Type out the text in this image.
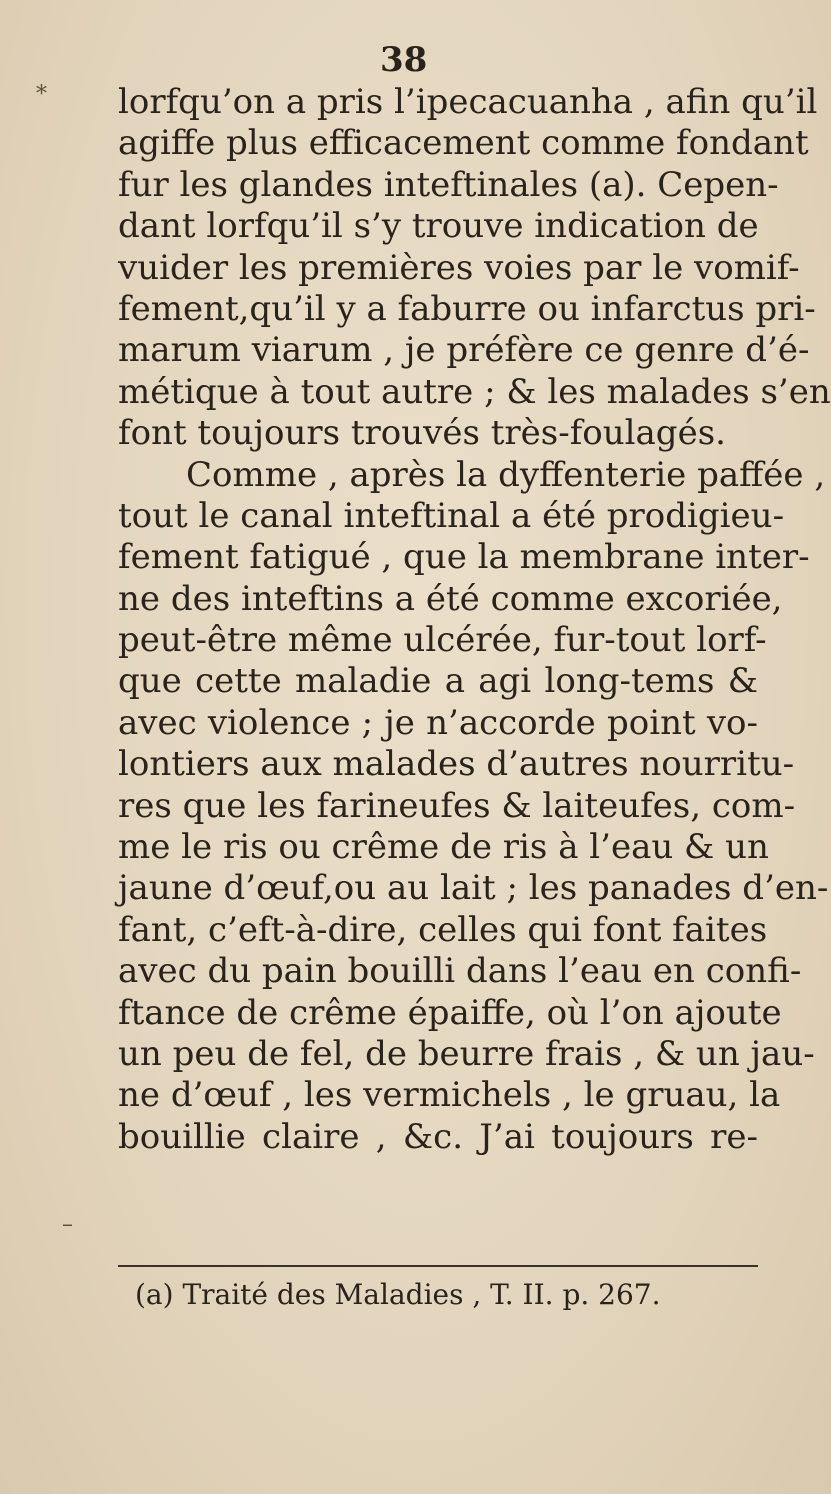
38
lorfqu’on a pris l’ipecacuanha , afin qu’il
agiffe plus efficacement comme fondant
fur les glandes inteftinales (a). Cepen-
dant lorfqu’il s’y trouve indication de
vuider les premières voies par le vomif-
fement,qu’il y a faburre ou infarctus pri-
marum viarum , je préfère ce genre d’é-
métique à tout autre ; & les malades s’en
font toujours trouvés très-foulagés.
Comme , après la dyffenterie paffée ,
tout le canal inteftinal a été prodigieu-
fement fatigué , que la membrane inter-
ne des inteftins a été comme excoriée,
peut-être même ulcérée, fur-tout lorf-
que cette maladie a agi long-tems &
avec violence ; je n’accorde point vo-
lontiers aux malades d’autres nourritu-
res que les farineufes & laiteufes, com-
me le ris ou crême de ris à l’eau & un
jaune d’œuf,ou au lait ; les panades d’en-
fant, c’eft-à-dire, celles qui font faites
avec du pain bouilli dans l’eau en confi-
ftance de crême épaiffe, où l’on ajoute
un peu de fel, de beurre frais , & un jau-
ne d’œuf , les vermichels , le gruau, la
bouillie claire , &c. J’ai toujours re-
*
–
(a) Traité des Maladies , T. II. p. 267.
